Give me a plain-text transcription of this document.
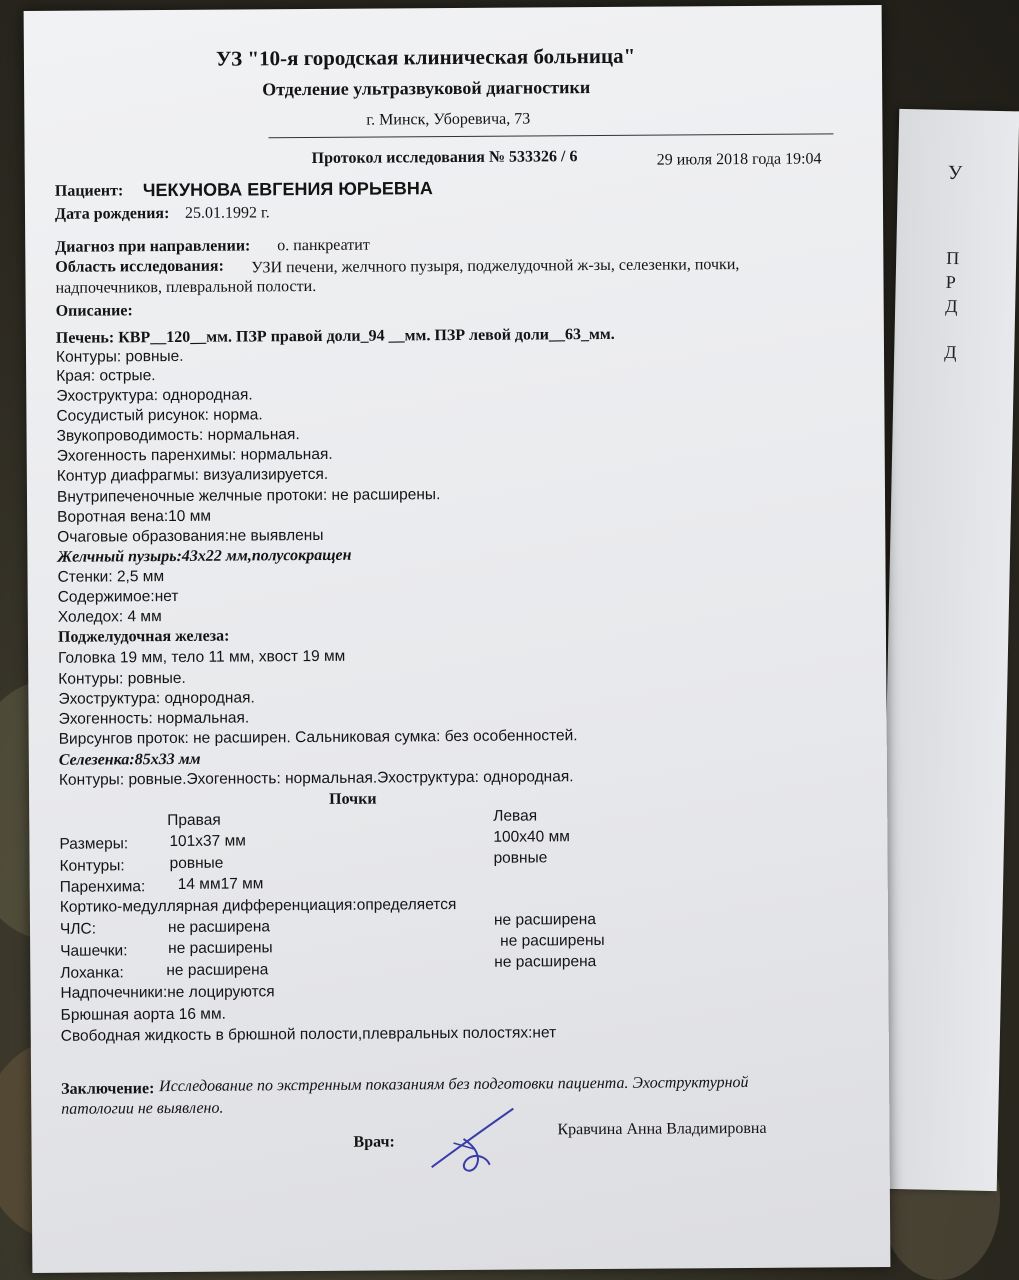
У
П
Р
Д
Д
УЗ "10-я городская клиническая больница"
Отделение ультразвуковой диагностики
г. Минск, Уборевича, 73
Протокол исследования № 533326 / 6	29 июля 2018 года 19:04
Пациент: ЧЕКУНОВА ЕВГЕНИЯ ЮРЬЕВНА
Дата рождения: 25.01.1992 г.
Диагноз при направлении: о. панкреатит
Область исследования: УЗИ печени, желчного пузыря, поджелудочной ж-зы, селезенки, почки,
надпочечников, плевральной полости.
Описание:
Печень: КВР__120__мм. ПЗР правой доли_94 __мм. ПЗР левой доли__63_мм.
Контуры: ровные.
Края: острые.
Эхоструктура: однородная.
Сосудистый рисунок: норма.
Звукопроводимость: нормальная.
Эхогенность паренхимы: нормальная.
Контур диафрагмы: визуализируется.
Внутрипеченочные желчные протоки: не расширены.
Воротная вена:10 мм
Очаговые образования:не выявлены
Желчный пузырь:43х22 мм,полусокращен
Стенки: 2,5 мм
Содержимое:нет
Холедох: 4 мм
Поджелудочная железа:
Головка 19 мм, тело 11 мм, хвост 19 мм
Контуры: ровные.
Эхоструктура: однородная.
Эхогенность: нормальная.
Вирсунгов проток: не расширен. Сальниковая сумка: без особенностей.
Селезенка:85х33 мм
Контуры: ровные.Эхогенность: нормальная.Эхоструктура: однородная.
Почки
Правая	Левая
Размеры:	101х37 мм	100х40 мм
Контуры:	ровные	ровные
Паренхима: 14 мм17 мм
Кортико-медуллярная дифференциация:определяется
ЧЛС:	не расширена	не расширена
Чашечки:	не расширены	не расширены
Лоханка:	не расширена	не расширена
Надпочечники:не лоцируются
Брюшная аорта 16 мм.
Свободная жидкость в брюшной полости,плевральных полостях:нет
Заключение: Исследование по экстренным показаниям без подготовки пациента. Эхоструктурной
патологии не выявлено.
Врач:
Кравчина Анна Владимировна
